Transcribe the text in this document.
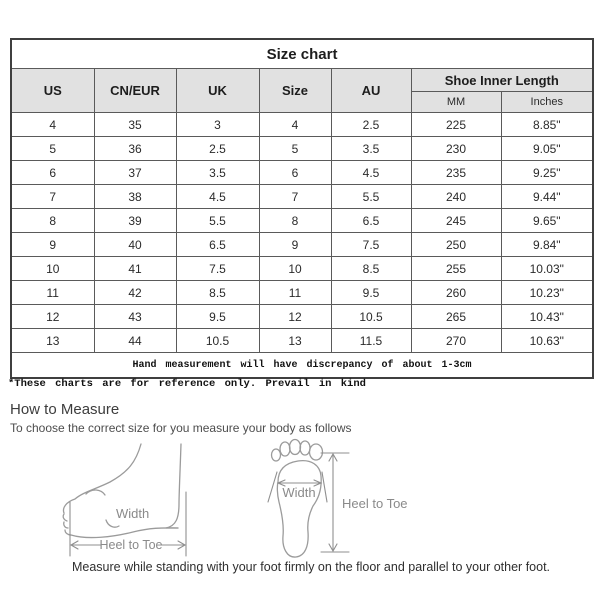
Size chart						
US	CN/EUR	UK	Size	AU	Shoe Inner Length	
					MM	Inches
4	35	3	4	2.5	225	8.85"
5	36	2.5	5	3.5	230	9.05"
6	37	3.5	6	4.5	235	9.25"
7	38	4.5	7	5.5	240	9.44"
8	39	5.5	8	6.5	245	9.65"
9	40	6.5	9	7.5	250	9.84"
10	41	7.5	10	8.5	255	10.03"
11	42	8.5	11	9.5	260	10.23"
12	43	9.5	12	10.5	265	10.43"
13	44	10.5	13	11.5	270	10.63"
Hand measurement will have discrepancy of about 1-3cm						
*These charts are for reference only. Prevail in kind
How to Measure
To choose the correct size for you measure your body as follows
Width
Heel to Toe
Width
Heel to Toe
Measure while standing with your foot firmly on the floor and parallel to your other foot.
